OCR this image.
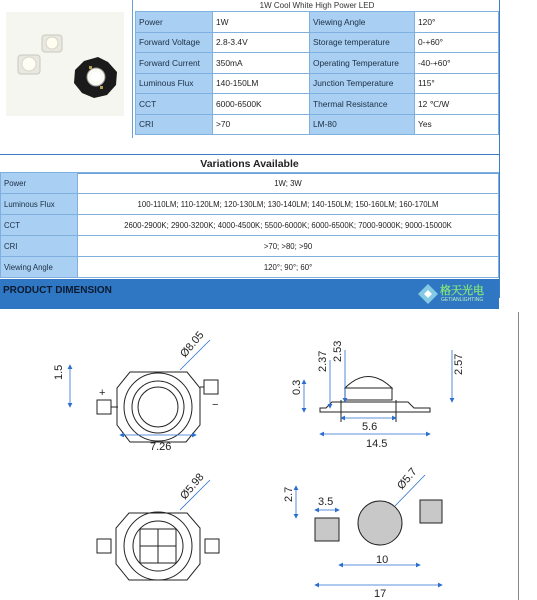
1W Cool White High Power LED
Power	1W	Viewing Angle	120°
Forward Voltage	2.8-3.4V	Storage temperature	0-+60°
Forward Current	350mA	Operating Temperature	-40-+60°
Luminous Flux	140-150LM	Junction Temperature	115°
CCT	6000-6500K	Thermal Resistance	12 ℃/W
CRI	>70	LM-80	Yes
Variations Available
Power	1W; 3W
Luminous Flux	100-110LM; 110-120LM; 120-130LM; 130-140LM; 140-150LM; 150-160LM; 160-170LM
CCT	2600-2900K; 2900-3200K; 4000-4500K; 5500-6000K; 6000-6500K; 7000-9000K; 9000-15000K
CRI	>70; >80; >90
Viewing Angle	120°; 90°; 60°
PRODUCT DIMENSION	格天光电
GETIANLIGHTING
Ø8.05
1.5
7.26
+
−
0.3
2.37 2.53
2.57
5.6
14.5
Ø5.98	2.7 3.5
Ø5.7
10
17
